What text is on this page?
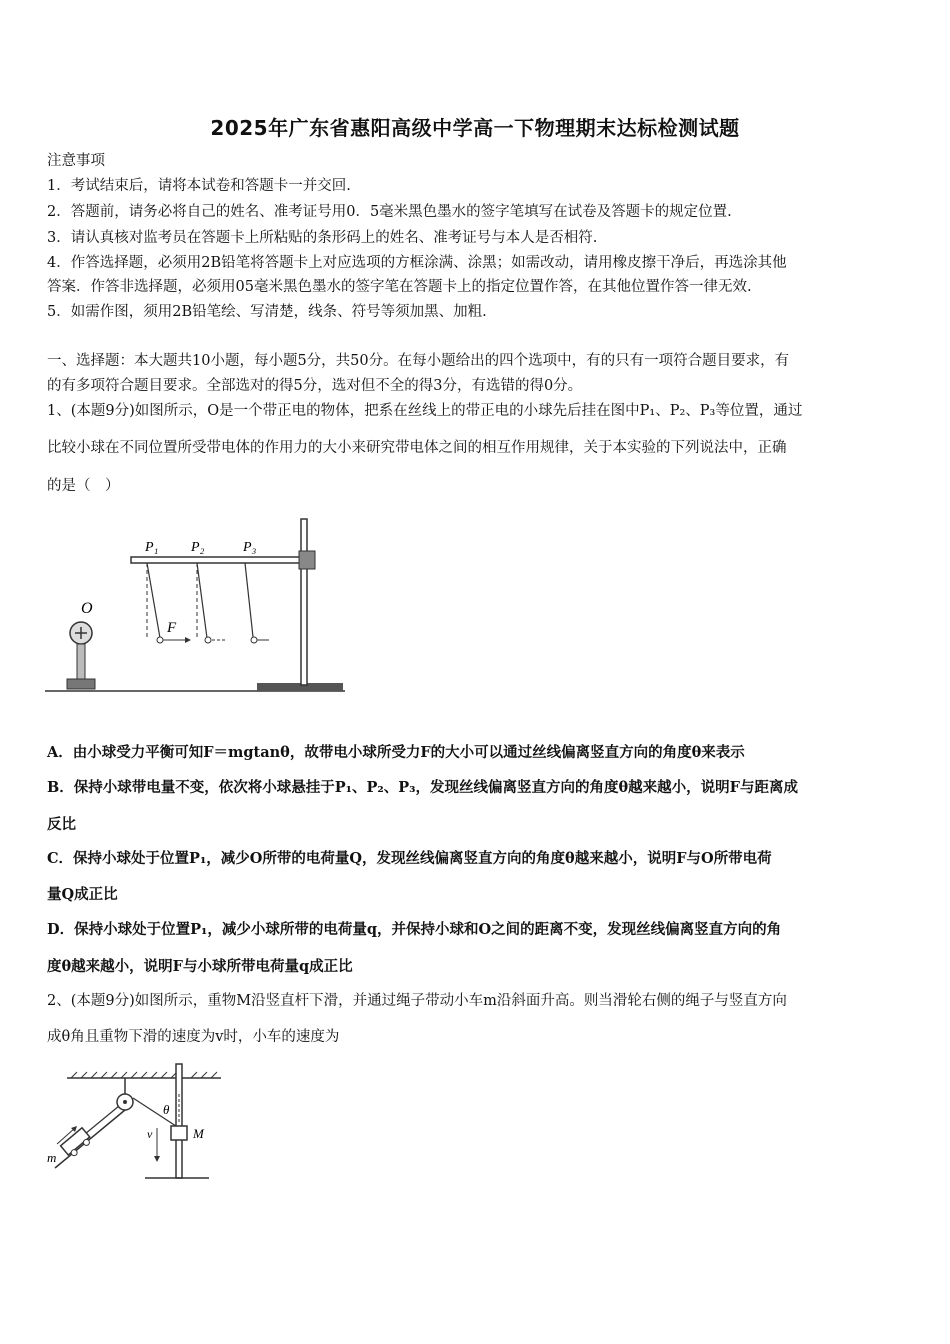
2025年广东省惠阳高级中学高一下物理期末达标检测试题
注意事项
1．考试结束后，请将本试卷和答题卡一并交回.
2．答题前，请务必将自己的姓名、准考证号用0．5毫米黑色墨水的签字笔填写在试卷及答题卡的规定位置.
3．请认真核对监考员在答题卡上所粘贴的条形码上的姓名、准考证号与本人是否相符.
4．作答选择题，必须用2B铅笔将答题卡上对应选项的方框涂满、涂黑；如需改动，请用橡皮擦干净后，再选涂其他
答案．作答非选择题，必须用05毫米黑色墨水的签字笔在答题卡上的指定位置作答，在其他位置作答一律无效.
5．如需作图，须用2B铅笔绘、写清楚，线条、符号等须加黑、加粗.
一、选择题：本大题共10小题，每小题5分，共50分。在每小题给出的四个选项中，有的只有一项符合题目要求，有
的有多项符合题目要求。全部选对的得5分，选对但不全的得3分，有选错的得0分。
1、(本题9分)如图所示，O是一个带正电的物体，把系在丝线上的带正电的小球先后挂在图中P₁、P₂、P₃等位置，通过
比较小球在不同位置所受带电体的作用力的大小来研究带电体之间的相互作用规律，关于本实验的下列说法中，正确
的是（　）
P₁ P₂	P₃
F
O
A．由小球受力平衡可知F＝mgtanθ，故带电小球所受力F的大小可以通过丝线偏离竖直方向的角度θ来表示
B．保持小球带电量不变，依次将小球悬挂于P₁、P₂、P₃，发现丝线偏离竖直方向的角度θ越来越小，说明F与距离成
反比
C．保持小球处于位置P₁，减少O所带的电荷量Q，发现丝线偏离竖直方向的角度θ越来越小，说明F与O所带电荷
量Q成正比
D．保持小球处于位置P₁，减少小球所带的电荷量q，并保持小球和O之间的距离不变，发现丝线偏离竖直方向的角
度θ越来越小，说明F与小球所带电荷量q成正比
2、(本题9分)如图所示，重物M沿竖直杆下滑，并通过绳子带动小车m沿斜面升高。则当滑轮右侧的绳子与竖直方向
成θ角且重物下滑的速度为v时，小车的速度为
θ
M
v
m
